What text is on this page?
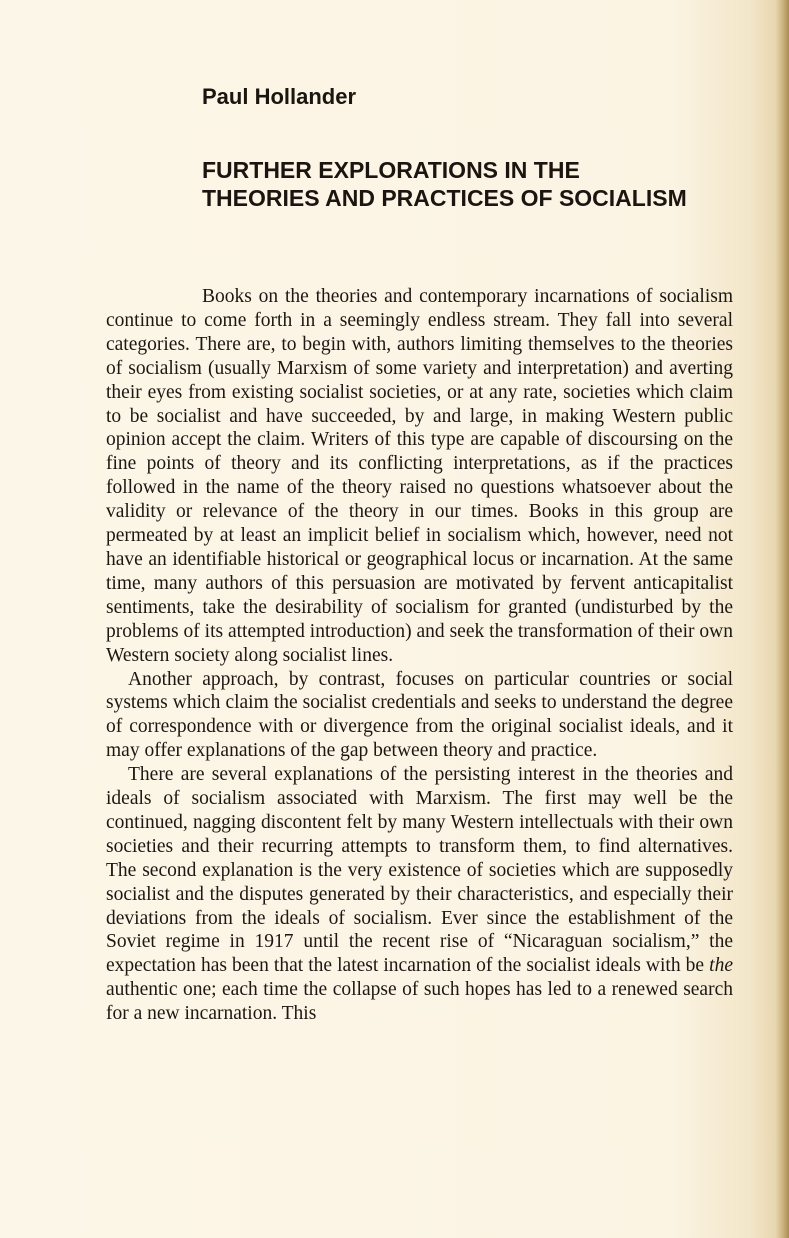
Paul Hollander
FURTHER EXPLORATIONS IN THE
THEORIES AND PRACTICES OF SOCIALISM

Books on the theories and contemporary incarnations of socialism continue to come forth in a seemingly endless stream. They fall into several categories. There are, to begin with, authors limiting themselves to the theories of socialism (usually Marxism of some variety and interpretation) and averting their eyes from existing socialist societies, or at any rate, societies which claim to be socialist and have succeeded, by and large, in making Western public opinion accept the claim. Writers of this type are capable of discoursing on the fine points of theory and its conflicting interpretations, as if the practices followed in the name of the theory raised no questions whatsoever about the validity or relevance of the theory in our times. Books in this group are permeated by at least an implicit belief in socialism which, however, need not have an identifiable historical or geographical locus or incarnation. At the same time, many authors of this persuasion are motivated by fervent anticapitalist sentiments, take the desirability of socialism for granted (undisturbed by the problems of its attempted introduction) and seek the transformation of their own Western society along socialist lines.

Another approach, by contrast, focuses on particular countries or social systems which claim the socialist credentials and seeks to understand the degree of correspondence with or divergence from the original socialist ideals, and it may offer explanations of the gap between theory and practice.

There are several explanations of the persisting interest in the theories and ideals of socialism associated with Marxism. The first may well be the continued, nagging discontent felt by many Western intellectuals with their own societies and their recurring attempts to transform them, to find alternatives. The second explanation is the very existence of societies which are supposedly socialist and the disputes generated by their characteristics, and especially their deviations from the ideals of socialism. Ever since the establishment of the Soviet regime in 1917 until the recent rise of “Nicaraguan socialism,” the expectation has been that the latest incarnation of the socialist ideals with be the authentic one; each time the collapse of such hopes has led to a renewed search for a new incarnation. This
